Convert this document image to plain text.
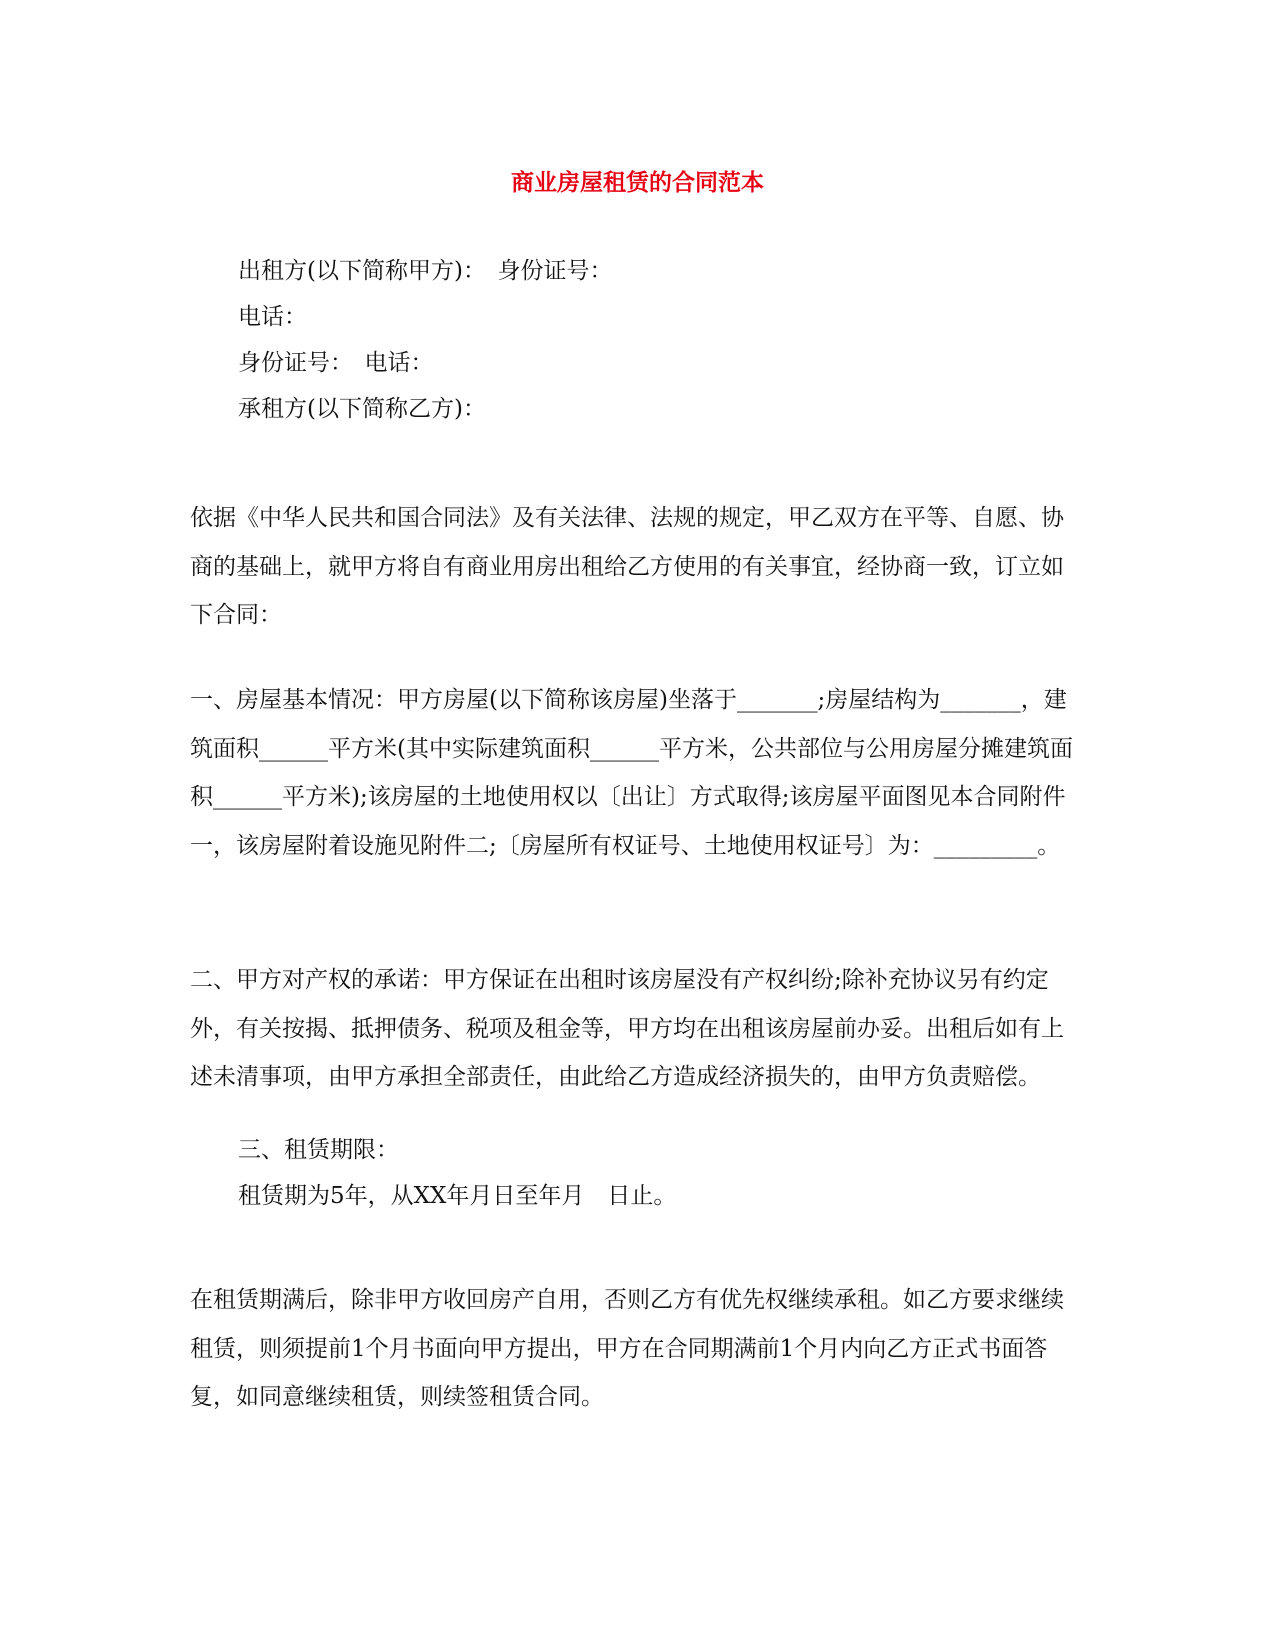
商业房屋租赁的合同范本
出租方(以下简称甲方)：　身份证号：
电话：
身份证号：　电话：
承租方(以下简称乙方)：

依据《中华人民共和国合同法》及有关法律、法规的规定，甲乙双方在平等、自愿、协商的基础上，就甲方将自有商业用房出租给乙方使用的有关事宜，经协商一致，订立如下合同：

一、房屋基本情况：甲方房屋(以下简称该房屋)坐落于_______;房屋结构为_______，建筑面积______平方米(其中实际建筑面积______平方米，公共部位与公用房屋分摊建筑面积______平方米);该房屋的土地使用权以〔出让〕方式取得;该房屋平面图见本合同附件一，该房屋附着设施见附件二;〔房屋所有权证号、土地使用权证号〕为：_________。

二、甲方对产权的承诺：甲方保证在出租时该房屋没有产权纠纷;除补充协议另有约定外，有关按揭、抵押债务、税项及租金等，甲方均在出租该房屋前办妥。出租后如有上述未清事项，由甲方承担全部责任，由此给乙方造成经济损失的，由甲方负责赔偿。

三、租赁期限：
租赁期为5年，从XX年月日至年月　日止。

在租赁期满后，除非甲方收回房产自用，否则乙方有优先权继续承租。如乙方要求继续租赁，则须提前1个月书面向甲方提出，甲方在合同期满前1个月内向乙方正式书面答复，如同意继续租赁，则续签租赁合同。
